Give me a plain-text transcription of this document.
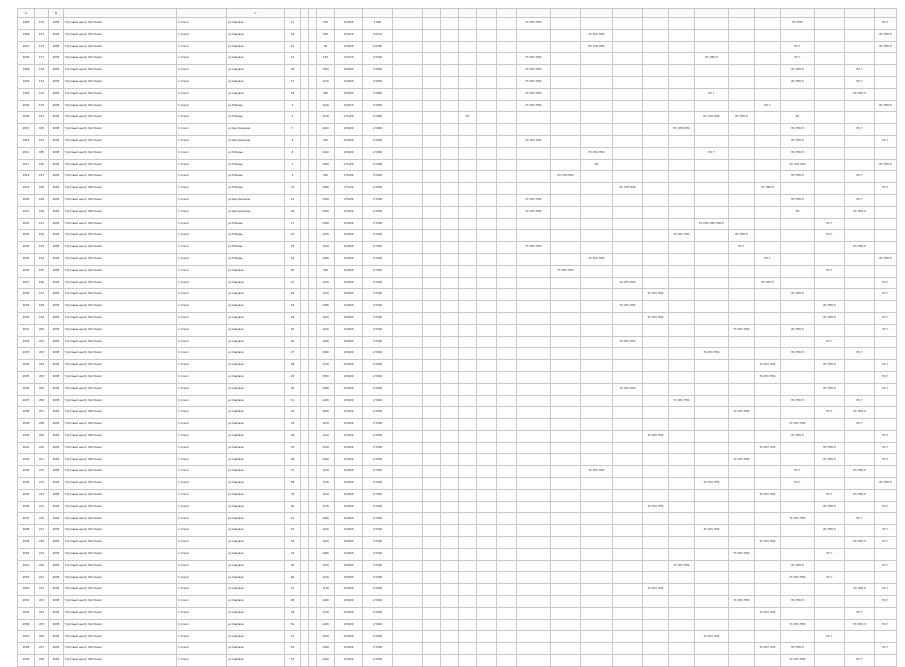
A		B			C																									
1995	132	4095	Торговый центр ЗАО Оазис	1 Сокол	ул.Садовая	11			750	153400	5 640							ТС СПС ПЭС									ПС ПЭС			ПС Г
1996	133	4095	Торговый центр ЗАО Оазис	1 Сокол	ул.Садовая	18			540	153410	5 6270									ТС СПС ПЭС										ПС ПЭС Р
2027	134	4095	Торговый центр ЗАО Оазис	1 Сокол	ул.Садовая	12			95	153420	2 6180									ПС СПС ПЭС							ПС Г			ПС ПЭС Р
2028	137	4095	Торговый центр ЗАО Оазис	1 Сокол	ул.Садовая	12			150	175120	2 5500							ТС СПС ПЭС						ПС ПЭС Р			ПС Г			
1999	138	4095	Торговый центр ЗАО Оазис	1 Сокол	ул.Садовая	28			1540	153400	2 5000							ТС СПС ПЭС									ПС ПЭС Р		ПС Г	
1993	143	4095	Торговый центр ЗАО Оазис	1 Сокол	ул.Садовая	17			1110	153400	2 5000							ТС СПС ПЭС									ПС ПЭС Р		ПС Г	
1994	144	4095	Торговый центр ЗАО Оазис	1 Сокол	ул.Садовая	18			350	153430	2 5650							ТС СПС ПЭС						ПС Г					ПС ПЭС Р	
2002	145	4095	Торговый центр ЗАО Оазис	1 Сокол	ул.Победы	3			1140	153410	2 5540							ТС СПС ПЭС								ПС Г				ПС ПЭС Р
2005	182	4095	Торговый центр ЗАО Оазис	1 Сокол	ул.Победы	4			1110	175120	2 5460				ПС									ПС СПС ПЭС	ПС ПЭС Р		ПС			
2015	183	4095	Торговый центр ЗАО Оазис	1 Сокол	ул.Центральная	7			1210	153400	2 6000												ПС СПС ПЭС				ПС ПЭС Р		ПС Г	
2016	184	4095	Торговый центр ЗАО Оазис	1 Сокол	ул.Центральная	9			350	153400	2 5500							ТС СПС ПЭС									ПС ПЭС Р			ПС Г
2014	185	4095	Торговый центр ЗАО Оазис	1 Сокол	ул.Победы	8			1120	153400	2 5450									ТС СПС ПЭС				ПС Г			ПС ПЭС Р			
2017	186	4095	Торговый центр ЗАО Оазис	1 Сокол	ул.Победы	7			1250	175120	2 5400									ПС							ПС СПС ПЭС			ПС ПЭС Р
2018	187	4095	Торговый центр ЗАО Оазис	1 Сокол	ул.Победы	9			340	175100	5 5400								ПС СПС ПЭС								ПС ПЭС Р		ПС Г	
2019	188	4095	Торговый центр ЗАО Оазис	1 Сокол	ул.Победы	15			1380	175120	2 5500										ПС СПС ПЭС					ПС ПЭС Р				ПС Г
2020	189	4095	Торговый центр ЗАО Оазис	1 Сокол	ул.Центральная	14			1340	175120	2 5500							ТС СПС ПЭС									ПС ПЭС Р		ПС Г	
2021	190	4095	Торговый центр ЗАО Оазис	1 Сокол	ул.Центральная	16			3350	153400	2 5500							ТС СПС ПЭС									ПС		ПС ПЭС Р	
2022	191	4095	Торговый центр ЗАО Оазис	1 Сокол	ул.Победы	17			1390	153400	2 5500													ТС СПС ПЭС ПЭС Р				ПС Г		
2023	192	4095	Торговый центр ЗАО Оазис	1 Сокол	ул.Победы	22			1150	153400	2 5500												ТС СПС ПЭС		ПС ПЭС Р			ПС Г		
2024	193	4095	Торговый центр ЗАО Оазис	1 Сокол	ул.Победы	18			1150	153400	2 5500							ТС СПС ПЭС							ПС Г				ПС ПЭС Р	
2025	194	4095	Торговый центр ЗАО Оазис	1 Сокол	ул.Победы	19			1360	153400	2 5500									ТС СПС ПЭС						ПС Г				ПС ПЭС Р
2026	195	4095	Торговый центр ЗАО Оазис	1 Сокол	ул.Садовая	20			350	153400	2 5500								ТС СПС ПЭС									ПС Г		
2027	196	4095	Торговый центр ЗАО Оазис	1 Сокол	ул.Садовая	21			1120	153400	2 5500										ТС СПС ПЭС					ПС ПЭС Р				ПС Г
2028	197	4095	Торговый центр ЗАО Оазис	1 Сокол	ул.Садовая	22			1110	153400	2 5500											ТС СПС ПЭС					ПС ПЭС Р			ПС Г
2029	198	4095	Торговый центр ЗАО Оазис	1 Сокол	ул.Садовая	23			1380	153400	2 5500										ТС СПС ПЭС							ПС ПЭС Р		
2030	199	4095	Торговый центр ЗАО Оазис	1 Сокол	ул.Садовая	24			1140	153400	2 5500											ТС СПС ПЭС						ПС ПЭС Р		ПС Г
2031	200	4095	Торговый центр ЗАО Оазис	1 Сокол	ул.Садовая	25			1120	153400	2 5500														ТС СПС ПЭС		ПС ПЭС Р			ПС Г
2032	201	4095	Торговый центр ЗАО Оазис	1 Сокол	ул.Садовая	26			1200	153400	2 5500										ТС СПС ПЭС							ПС Г		
2033	202	4095	Торговый центр ЗАО Оазис	1 Сокол	ул.Садовая	27			1390	153400	2 5500													ТС СПС ПЭС			ПС ПЭС Р		ПС Г	
2034	203	4095	Торговый центр ЗАО Оазис	1 Сокол	ул.Садовая	28			1140	153400	2 5500															ТС СПС ПЭС		ПС ПЭС Р		ПС Г
2035	204	4095	Торговый центр ЗАО Оазис	1 Сокол	ул.Садовая	29			1550	153400	2 5500															ТС СПС ПЭС				ПС Г
2036	205	4095	Торговый центр ЗАО Оазис	1 Сокол	ул.Садовая	30			1380	153400	2 5500										ТС СПС ПЭС							ПС ПЭС Р		ПС Г
2037	206	4095	Торговый центр ЗАО Оазис	1 Сокол	ул.Садовая	31			1240	153400	2 5500												ТС СПС ПЭС				ПС ПЭС Р		ПС Г	
2038	207	4095	Торговый центр ЗАО Оазис	1 Сокол	ул.Садовая	32			1550	153400	2 5500														ТС СПС ПЭС			ПС Г	ПС ПЭС Р	
2039	208	4095	Торговый центр ЗАО Оазис	1 Сокол	ул.Садовая	33			1270	153400	2 5500																ТС СПС ПЭС		ПС Г	
2040	209	4095	Торговый центр ЗАО Оазис	1 Сокол	ул.Садовая	34			1110	153400	2 5500											ТС СПС ПЭС					ПС ПЭС Р			ПС Г
2041	210	4095	Торговый центр ЗАО Оазис	1 Сокол	ул.Садовая	35			1140	153400	2 5500															ТС СПС ПЭС		ПС ПЭС Р		ПС Г
2042	211	4095	Торговый центр ЗАО Оазис	1 Сокол	ул.Садовая	36			1200	153400	2 5500														ТС СПС ПЭС			ПС ПЭС Р		ПС Г
2043	212	4095	Торговый центр ЗАО Оазис	1 Сокол	ул.Садовая	37			1130	153400	2 5500									ТС СПС ПЭС							ПС Г		ПС ПЭС Р	
2044	213	4095	Торговый центр ЗАО Оазис	1 Сокол	ул.Садовая	38			1140	153400	2 5500													ТС СПС ПЭС			ПС Г			ПС ПЭС Р
2045	214	4095	Торговый центр ЗАО Оазис	1 Сокол	ул.Садовая	39			1120	153400	2 5500															ТС СПС ПЭС		ПС Г	ПС ПЭС Р	
2046	215	4095	Торговый центр ЗАО Оазис	1 Сокол	ул.Садовая	40			1170	153400	2 5500											ТС СПС ПЭС						ПС ПЭС Р		ПС Г
2047	216	4095	Торговый центр ЗАО Оазис	1 Сокол	ул.Садовая	41			1280	153400	2 5500																ТС СПС ПЭС		ПС Г	
2048	217	4095	Торговый центр ЗАО Оазис	1 Сокол	ул.Садовая	42			1120	153400	2 5500													ТС СПС ПЭС				ПС ПЭС Р		ПС Г
2049	218	4095	Торговый центр ЗАО Оазис	1 Сокол	ул.Садовая	43			1140	153400	2 5500															ТС СПС ПЭС			ПС ПЭС Р	ПС Г
2050	219	4095	Торговый центр ЗАО Оазис	1 Сокол	ул.Садовая	44			1280	153400	2 5500														ТС СПС ПЭС			ПС Г		
2051	220	4095	Торговый центр ЗАО Оазис	1 Сокол	ул.Садовая	45			1150	153400	2 5500												ТС СПС ПЭС				ПС ПЭС Р			ПС Г
2052	221	4095	Торговый центр ЗАО Оазис	1 Сокол	ул.Садовая	46			1110	153400	2 5500																ТС СПС ПЭС	ПС Г		
2053	222	4095	Торговый центр ЗАО Оазис	1 Сокол	ул.Садовая	47			1130	153400	2 5500											ТС СПС ПЭС							ПС ПЭС Р	ПС Г
2054	223	4095	Торговый центр ЗАО Оазис	1 Сокол	ул.Садовая	48			1200	153400	2 5500														ТС СПС ПЭС		ПС ПЭС Р			ПС Г
2055	224	4095	Торговый центр ЗАО Оазис	1 Сокол	ул.Садовая	49			1140	153400	2 5500															ТС СПС ПЭС			ПС Г	
2056	225	4095	Торговый центр ЗАО Оазис	1 Сокол	ул.Садовая	50			1240	153400	2 5500																ТС СПС ПЭС		ПС ПЭС Р	ПС Г
2057	226	4095	Торговый центр ЗАО Оазис	1 Сокол	ул.Садовая	51			1120	153400	2 5500													ТС СПС ПЭС				ПС Г		
2058	227	4095	Торговый центр ЗАО Оазис	1 Сокол	ул.Садовая	52			1190	153400	2 5500															ТС СПС ПЭС	ПС ПЭС Р			ПС Г
2059	228	4095	Торговый центр ЗАО Оазис	1 Сокол	ул.Садовая	53			1140	153400	2 5500																ТС СПС ПЭС		ПС Г	
